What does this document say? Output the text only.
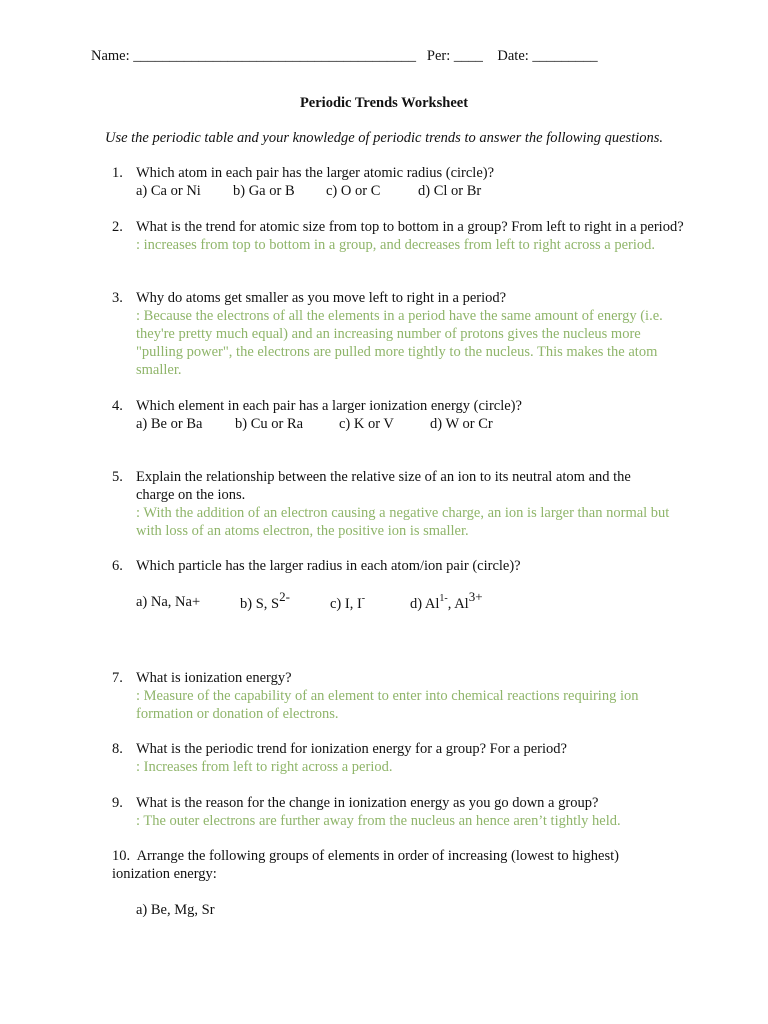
Name: _______________________________________ Per: ____ Date: _________
Periodic Trends Worksheet
Use the periodic table and your knowledge of periodic trends to answer the following questions.
1. Which atom in each pair has the larger atomic radius (circle)?
a) Ca or Ni b) Ga or B c) O or C	d) Cl or Br
2. What is the trend for atomic size from top to bottom in a group? From left to right in a period?
: increases from top to bottom in a group, and decreases from left to right across a period.
3. Why do atoms get smaller as you move left to right in a period?
: Because the electrons of all the elements in a period have the same amount of energy (i.e. they're pretty much equal) and an increasing number of protons gives the nucleus more "pulling power", the electrons are pulled more tightly to the nucleus. This makes the atom smaller.
4. Which element in each pair has a larger ionization energy (circle)?
a) Be or Ba b) Cu or Ra c) K or V d) W or Cr
5. Explain the relationship between the relative size of an ion to its neutral atom and the charge on the ions.
: With the addition of an electron causing a negative charge, an ion is larger than normal but with loss of an atoms electron, the positive ion is smaller.
6. Which particle has the larger radius in each atom/ion pair (circle)?
a) Na, Na+	b) S, $S^{2-}$	c) I, I-	d) $Al^{1-}$, $Al^{3+}$
7. What is ionization energy?
: Measure of the capability of an element to enter into chemical reactions requiring ion formation or donation of electrons.
8. What is the periodic trend for ionization energy for a group? For a period?
: Increases from left to right across a period.
9. What is the reason for the change in ionization energy as you go down a group?
: The outer electrons are further away from the nucleus an hence aren’t tightly held.
10. Arrange the following groups of elements in order of increasing (lowest to highest) ionization energy:
a) Be, Mg, Sr
